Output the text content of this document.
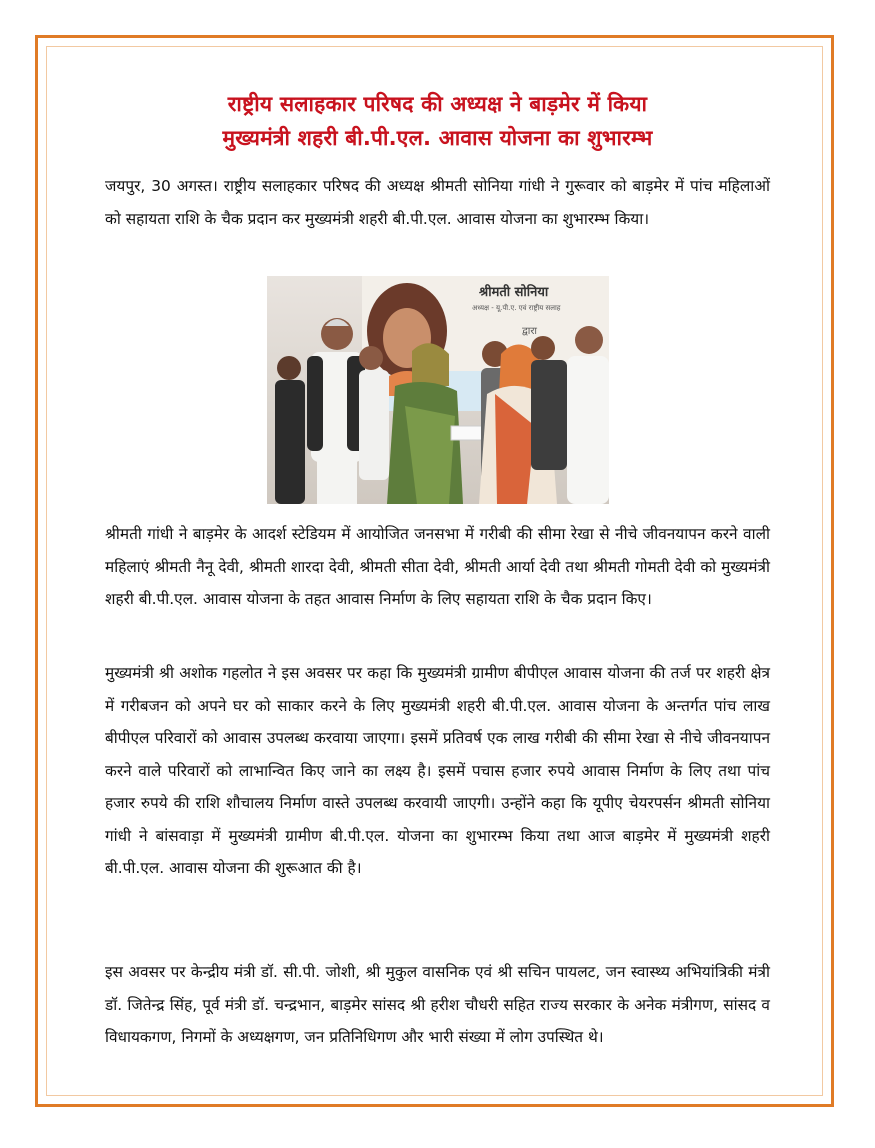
राष्ट्रीय सलाहकार परिषद की अध्यक्ष ने बाड़मेर में किया
मुख्यमंत्री शहरी बी.पी.एल. आवास योजना का शुभारम्भ
जयपुर, 30 अगस्त। राष्ट्रीय सलाहकार परिषद की अध्यक्ष श्रीमती सोनिया गांधी ने गुरूवार को बाड़मेर में पांच महिलाओं को सहायता राशि के चैक प्रदान कर मुख्यमंत्री शहरी बी.पी.एल. आवास योजना का शुभारम्भ किया।
श्रीमती सोनिया
अध्यक्ष - यू.पी.ए. एवं राष्ट्रीय सलाह
द्वारा
श्रीमती गांधी ने बाड़मेर के आदर्श स्टेडियम में आयोजित जनसभा में गरीबी की सीमा रेखा से नीचे जीवनयापन करने वाली महिलाएं श्रीमती नैनू देवी, श्रीमती शारदा देवी, श्रीमती सीता देवी, श्रीमती आर्या देवी तथा श्रीमती गोमती देवी को मुख्यमंत्री शहरी बी.पी.एल. आवास योजना के तहत आवास निर्माण के लिए सहायता राशि के चैक प्रदान किए।
मुख्यमंत्री श्री अशोक गहलोत ने इस अवसर पर कहा कि मुख्यमंत्री ग्रामीण बीपीएल आवास योजना की तर्ज पर शहरी क्षेत्र में गरीबजन को अपने घर को साकार करने के लिए मुख्यमंत्री शहरी बी.पी.एल. आवास योजना के अन्तर्गत पांच लाख बीपीएल परिवारों को आवास उपलब्ध करवाया जाएगा। इसमें प्रतिवर्ष एक लाख गरीबी की सीमा रेखा से नीचे जीवनयापन करने वाले परिवारों को लाभान्वित किए जाने का लक्ष्य है। इसमें पचास हजार रुपये आवास निर्माण के लिए तथा पांच हजार रुपये की राशि शौचालय निर्माण वास्ते उपलब्ध करवायी जाएगी। उन्होंने कहा कि यूपीए चेयरपर्सन श्रीमती सोनिया गांधी ने बांसवाड़ा में मुख्यमंत्री ग्रामीण बी.पी.एल. योजना का शुभारम्भ किया तथा आज बाड़मेर में मुख्यमंत्री शहरी बी.पी.एल. आवास योजना की शुरूआत की है।
इस अवसर पर केन्द्रीय मंत्री डॉ. सी.पी. जोशी, श्री मुकुल वासनिक एवं श्री सचिन पायलट, जन स्वास्थ्य अभियांत्रिकी मंत्री डॉ. जितेन्द्र सिंह, पूर्व मंत्री डॉ. चन्द्रभान, बाड़मेर सांसद श्री हरीश चौधरी सहित राज्य सरकार के अनेक मंत्रीगण, सांसद व विधायकगण, निगमों के अध्यक्षगण, जन प्रतिनिधिगण और भारी संख्या में लोग उपस्थित थे।
